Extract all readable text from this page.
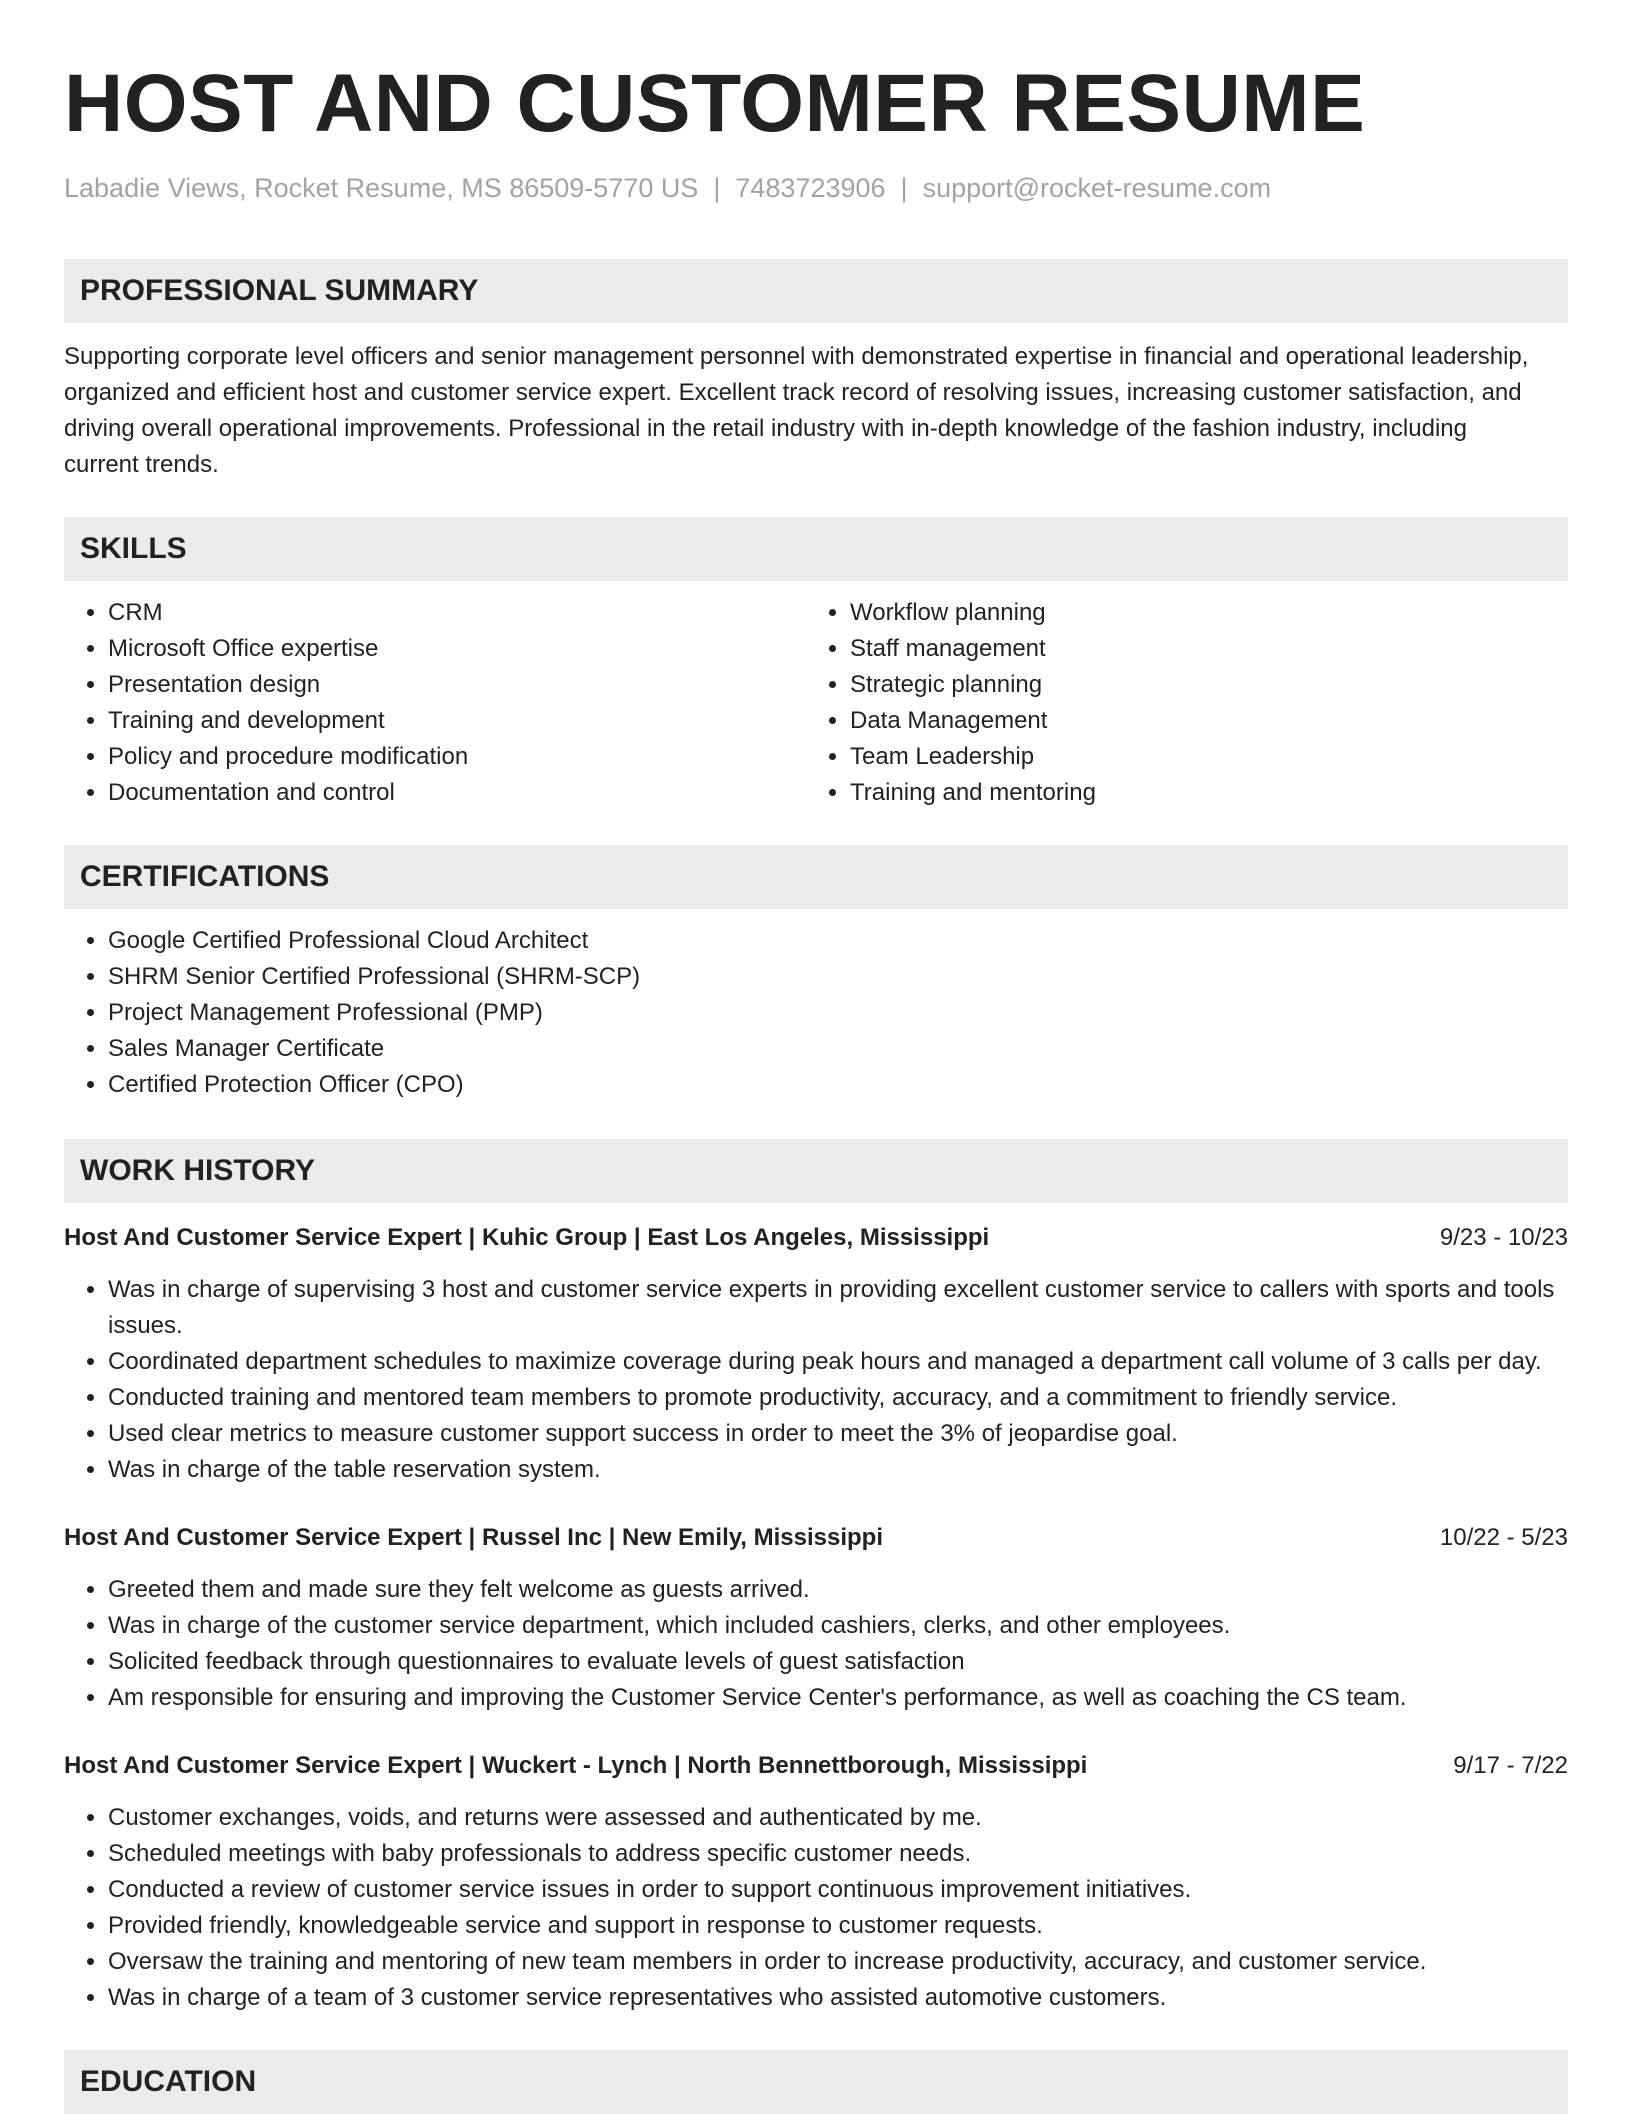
HOST AND CUSTOMER RESUME
Labadie Views, Rocket Resume, MS 86509-5770 US | 7483723906 | support@rocket-resume.com
PROFESSIONAL SUMMARY
Supporting corporate level officers and senior management personnel with demonstrated expertise in financial and operational leadership, organized and efficient host and customer service expert. Excellent track record of resolving issues, increasing customer satisfaction, and driving overall operational improvements. Professional in the retail industry with in-depth knowledge of the fashion industry, including current trends.
SKILLS
• CRM
• Microsoft Office expertise
• Presentation design
• Training and development
• Policy and procedure modification
• Documentation and control
• Workflow planning
• Staff management
• Strategic planning
• Data Management
• Team Leadership
• Training and mentoring
CERTIFICATIONS
• Google Certified Professional Cloud Architect
• SHRM Senior Certified Professional (SHRM-SCP)
• Project Management Professional (PMP)
• Sales Manager Certificate
• Certified Protection Officer (CPO)
WORK HISTORY
Host And Customer Service Expert | Kuhic Group | East Los Angeles, Mississippi	9/23 - 10/23
• Was in charge of supervising 3 host and customer service experts in providing excellent customer service to callers with sports and tools issues.
• Coordinated department schedules to maximize coverage during peak hours and managed a department call volume of 3 calls per day.
• Conducted training and mentored team members to promote productivity, accuracy, and a commitment to friendly service.
• Used clear metrics to measure customer support success in order to meet the 3% of jeopardise goal.
• Was in charge of the table reservation system.
Host And Customer Service Expert | Russel Inc | New Emily, Mississippi	10/22 - 5/23
• Greeted them and made sure they felt welcome as guests arrived.
• Was in charge of the customer service department, which included cashiers, clerks, and other employees.
• Solicited feedback through questionnaires to evaluate levels of guest satisfaction
• Am responsible for ensuring and improving the Customer Service Center's performance, as well as coaching the CS team.
Host And Customer Service Expert | Wuckert - Lynch | North Bennettborough, Mississippi	9/17 - 7/22
• Customer exchanges, voids, and returns were assessed and authenticated by me.
• Scheduled meetings with baby professionals to address specific customer needs.
• Conducted a review of customer service issues in order to support continuous improvement initiatives.
• Provided friendly, knowledgeable service and support in response to customer requests.
• Oversaw the training and mentoring of new team members in order to increase productivity, accuracy, and customer service.
• Was in charge of a team of 3 customer service representatives who assisted automotive customers.
EDUCATION
